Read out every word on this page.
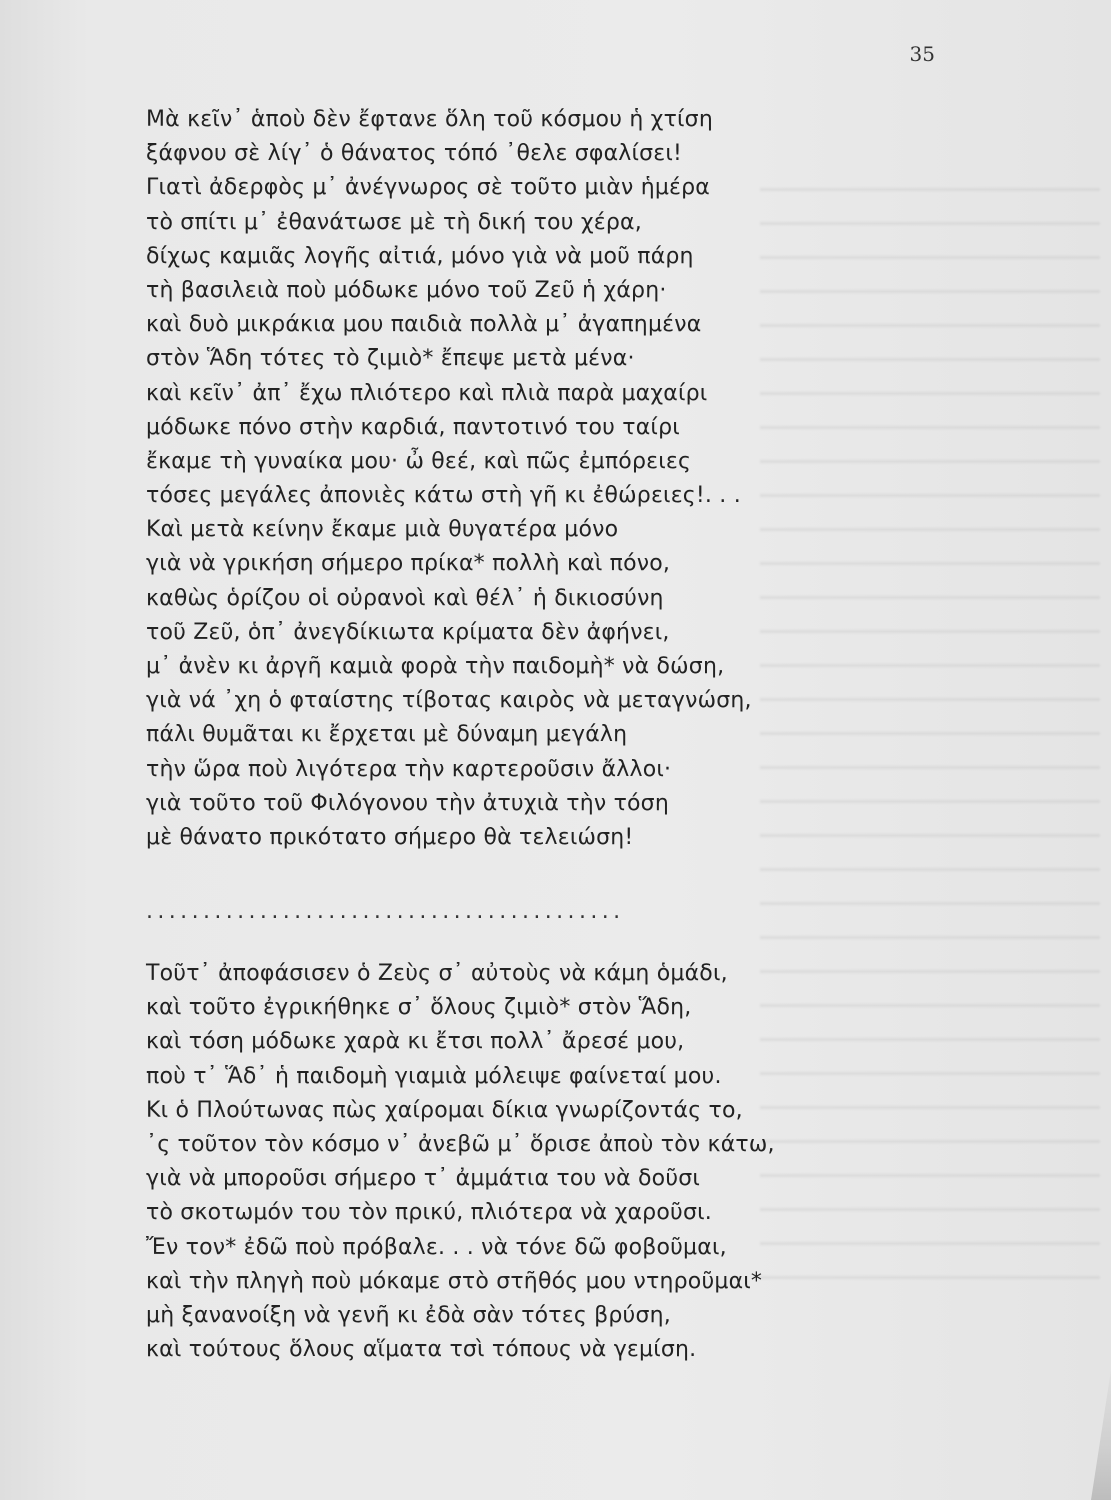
35
Μὰ κεῖν᾽ ἁποὺ δὲν ἔφτανε ὅλη τοῦ κόσμου ἡ χτίση
ξάφνου σὲ λίγ᾽ ὁ θάνατος τόπό ᾽θελε σφαλίσει!
Γιατὶ ἀδερφὸς μ᾽ ἀνέγνωρος σὲ τοῦτο μιὰν ἡμέρα
τὸ σπίτι μ᾽ ἐθανάτωσε μὲ τὴ δική του χέρα,
δίχως καμιᾶς λογῆς αἰτιά, μόνο γιὰ νὰ μοῦ πάρη
τὴ βασιλειὰ ποὺ μόδωκε μόνο τοῦ Ζεῦ ἡ χάρη·
καὶ δυὸ μικράκια μου παιδιὰ πολλὰ μ᾽ ἀγαπημένα
στὸν Ἅδη τότες τὸ ζιμιὸ* ἔπεψε μετὰ μένα·
καὶ κεῖν᾽ ἀπ᾽ ἔχω πλιότερο καὶ πλιὰ παρὰ μαχαίρι
μόδωκε πόνο στὴν καρδιά, παντοτινό του ταίρι
ἔκαμε τὴ γυναίκα μου· ὦ θεέ, καὶ πῶς ἐμπόρειες
τόσες μεγάλες ἀπονιὲς κάτω στὴ γῆ κι ἐθώρειες!. . .
Καὶ μετὰ κείνην ἔκαμε μιὰ θυγατέρα μόνο
γιὰ νὰ γρικήση σήμερο πρίκα* πολλὴ καὶ πόνο,
καθὼς ὁρίζου οἱ οὐρανοὶ καὶ θέλ᾽ ἡ δικιοσύνη
τοῦ Ζεῦ, ὁπ᾽ ἀνεγδίκιωτα κρίματα δὲν ἀφήνει,
μ᾽ ἀνὲν κι ἀργῆ καμιὰ φορὰ τὴν παιδομὴ* νὰ δώση,
γιὰ νά ᾽χη ὁ φταίστης τίβοτας καιρὸς νὰ μεταγνώση,
πάλι θυμᾶται κι ἔρχεται μὲ δύναμη μεγάλη
τὴν ὥρα ποὺ λιγότερα τὴν καρτεροῦσιν ἄλλοι·
γιὰ τοῦτο τοῦ Φιλόγονου τὴν ἀτυχιὰ τὴν τόση
μὲ θάνατο πρικότατο σήμερο θὰ τελειώση!
..........................................
Τοῦτ᾽ ἀποφάσισεν ὁ Ζεὺς σ᾽ αὐτοὺς νὰ κάμη ὁμάδι,
καὶ τοῦτο ἐγρικήθηκε σ᾽ ὅλους ζιμιὸ* στὸν Ἅδη,
καὶ τόση μόδωκε χαρὰ κι ἔτσι πολλ᾽ ἄρεσέ μου,
ποὺ τ᾽ Ἅδ᾽ ἡ παιδομὴ γιαμιὰ μόλειψε φαίνεταί μου.
Κι ὁ Πλούτωνας πὼς χαίρομαι δίκια γνωρίζοντάς το,
᾽ς τοῦτον τὸν κόσμο ν᾽ ἀνεβῶ μ᾽ ὅρισε ἀποὺ τὸν κάτω,
γιὰ νὰ μποροῦσι σήμερο τ᾽ ἀμμάτια του νὰ δοῦσι
τὸ σκοτωμόν του τὸν πρικύ, πλιότερα νὰ χαροῦσι.
Ἔν τον* ἐδῶ ποὺ πρόβαλε. . . νὰ τόνε δῶ φοβοῦμαι,
καὶ τὴν πληγὴ ποὺ μόκαμε στὸ στῆθός μου ντηροῦμαι*
μὴ ξανανοίξη νὰ γενῆ κι ἐδὰ σὰν τότες βρύση,
καὶ τούτους ὅλους αἵματα τσὶ τόπους νὰ γεμίση.
